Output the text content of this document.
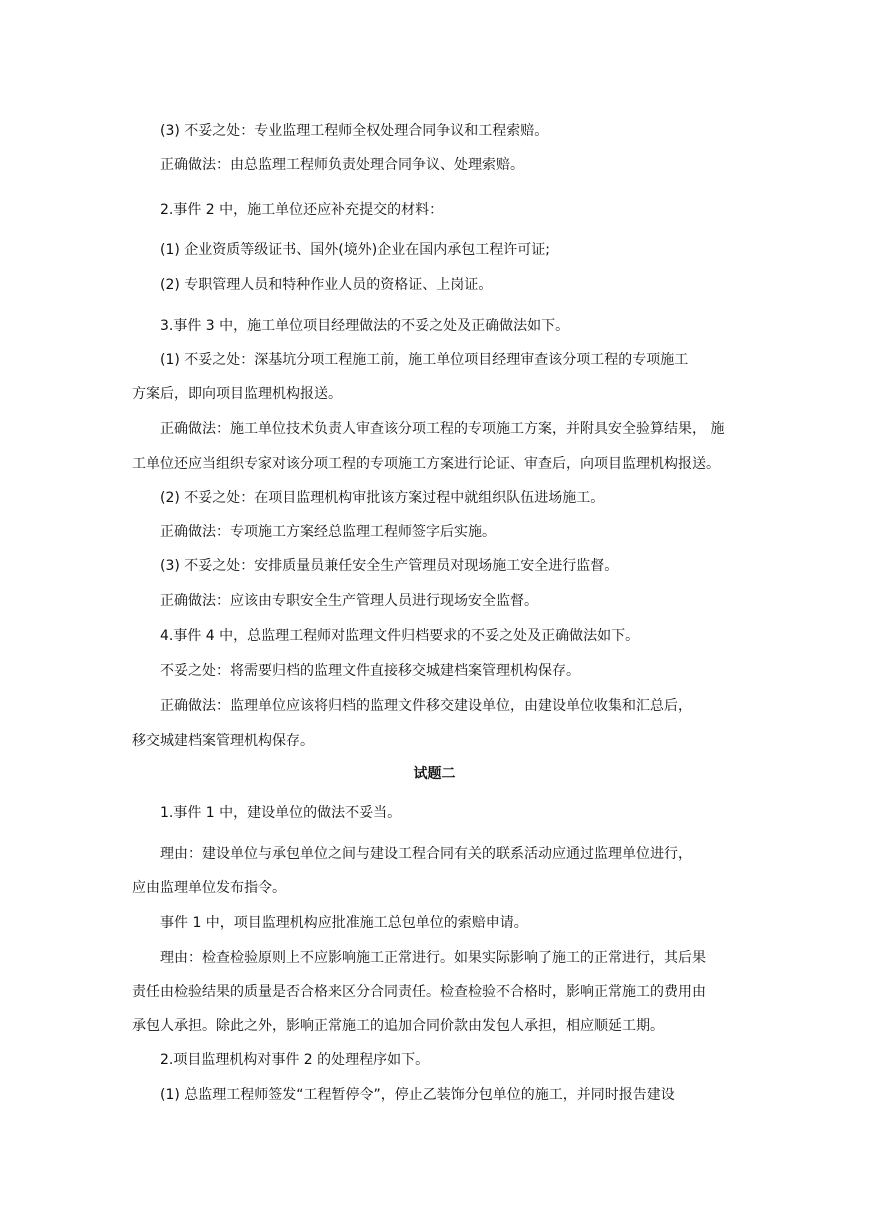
(3) 不妥之处：专业监理工程师全权处理合同争议和工程索赔。
正确做法：由总监理工程师负责处理合同争议、处理索赔。
2.事件 2 中，施工单位还应补充提交的材料：
(1) 企业资质等级证书、国外(境外)企业在国内承包工程许可证;
(2) 专职管理人员和特种作业人员的资格证、上岗证。
3.事件 3 中，施工单位项目经理做法的不妥之处及正确做法如下。
(1) 不妥之处：深基坑分项工程施工前，施工单位项目经理审查该分项工程的专项施工
方案后，即向项目监理机构报送。
正确做法：施工单位技术负责人审查该分项工程的专项施工方案，并附具安全验算结果， 施
工单位还应当组织专家对该分项工程的专项施工方案进行论证、审查后，向项目监理机构报送。
(2) 不妥之处：在项目监理机构审批该方案过程中就组织队伍进场施工。
正确做法：专项施工方案经总监理工程师签字后实施。
(3) 不妥之处：安排质量员兼任安全生产管理员对现场施工安全进行监督。
正确做法：应该由专职安全生产管理人员进行现场安全监督。
4.事件 4 中，总监理工程师对监理文件归档要求的不妥之处及正确做法如下。
不妥之处：将需要归档的监理文件直接移交城建档案管理机构保存。
正确做法：监理单位应该将归档的监理文件移交建设单位，由建设单位收集和汇总后，
移交城建档案管理机构保存。
试题二
1.事件 1 中，建设单位的做法不妥当。
理由：建设单位与承包单位之间与建设工程合同有关的联系活动应通过监理单位进行，
应由监理单位发布指令。
事件 1 中，项目监理机构应批准施工总包单位的索赔申请。
理由：检查检验原则上不应影响施工正常进行。如果实际影响了施工的正常进行，其后果
责任由检验结果的质量是否合格来区分合同责任。检查检验不合格时，影响正常施工的费用由
承包人承担。除此之外，影响正常施工的追加合同价款由发包人承担，相应顺延工期。
2.项目监理机构对事件 2 的处理程序如下。
(1) 总监理工程师签发“工程暂停令”，停止乙装饰分包单位的施工，并同时报告建设
